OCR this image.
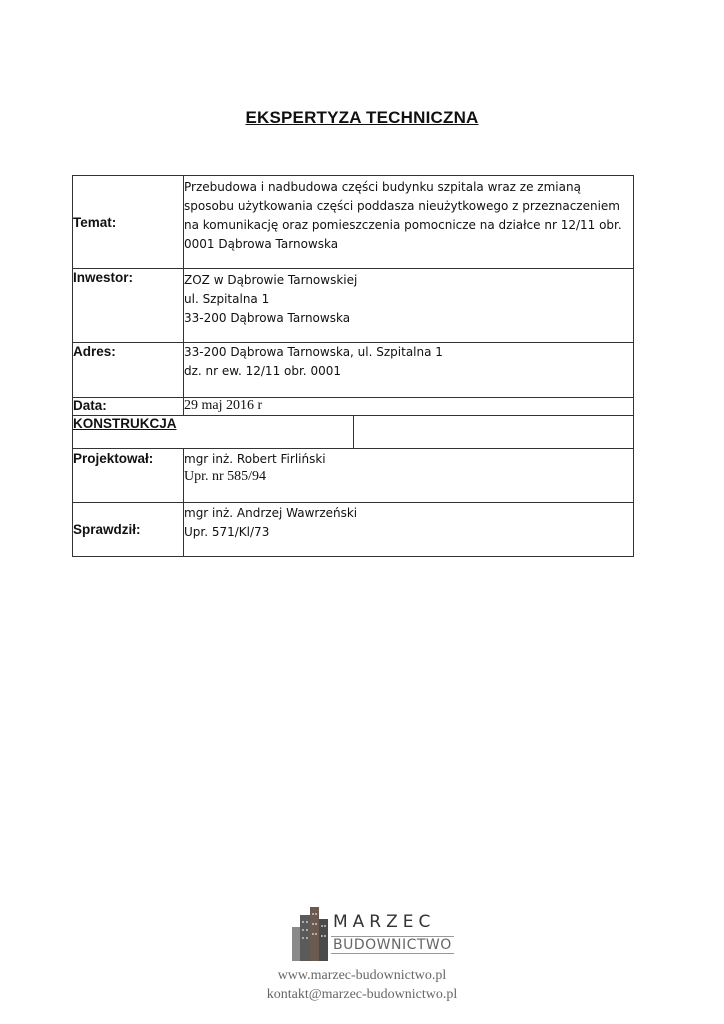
EKSPERTYZA TECHNICZNA
Temat:	Przebudowa i nadbudowa części budynku szpitala wraz ze zmianą
sposobu użytkowania części poddasza nieużytkowego z przeznaczeniem
na komunikację oraz pomieszczenia pomocnicze na działce nr 12/11 obr.
0001 Dąbrowa Tarnowska	

Inwestor:	ZOZ w Dąbrowie Tarnowskiej
ul. Szpitalna 1
33-200 Dąbrowa Tarnowska	

Adres:	33-200 Dąbrowa Tarnowska, ul. Szpitalna 1
dz. nr ew. 12/11 obr. 0001	

Data:	29 maj 2016 r	
KONSTRUKCJA		
Projektował:	mgr inż. Robert Firliński
Upr. nr 585/94	

Sprawdził:	mgr inż. Andrzej Wawrzeński
Upr. 571/Kl/73	
MARZEC
BUDOWNICTWO
www.marzec-budownictwo.pl
kontakt@marzec-budownictwo.pl
